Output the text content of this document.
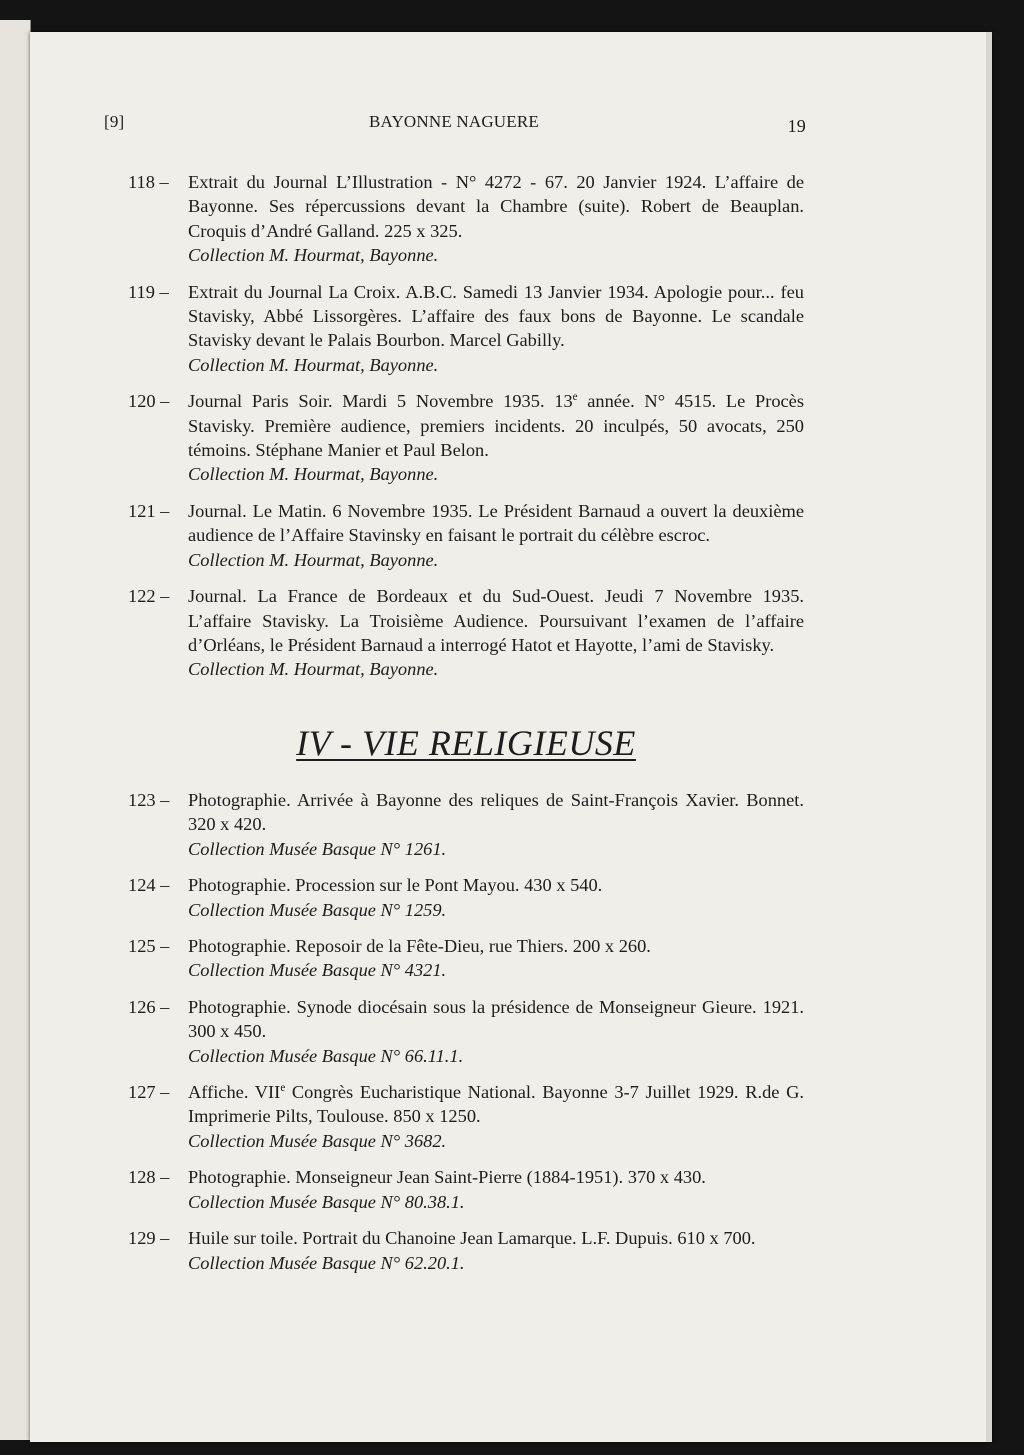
[9]	BAYONNE NAGUERE	19
118 –	Extrait du Journal L’Illustration - N° 4272 - 67. 20 Janvier 1924. L’affaire de Bayonne. Ses répercussions devant la Chambre (suite). Robert de Beauplan. Croquis d’André Galland. 225 x 325.
Collection M. Hourmat, Bayonne.
119 –	Extrait du Journal La Croix. A.B.C. Samedi 13 Janvier 1934. Apologie pour... feu Stavisky, Abbé Lissorgères. L’affaire des faux bons de Bayonne. Le scandale Stavisky devant le Palais Bourbon. Marcel Gabilly.
Collection M. Hourmat, Bayonne.
120 –	Journal Paris Soir. Mardi 5 Novembre 1935. 13e année. N° 4515. Le Procès Stavisky. Première audience, premiers incidents. 20 inculpés, 50 avocats, 250 témoins. Stéphane Manier et Paul Belon.
Collection M. Hourmat, Bayonne.
121 –	Journal. Le Matin. 6 Novembre 1935. Le Président Barnaud a ouvert la deuxième audience de l’Affaire Stavinsky en faisant le portrait du célèbre escroc.
Collection M. Hourmat, Bayonne.
122 –	Journal. La France de Bordeaux et du Sud-Ouest. Jeudi 7 Novembre 1935. L’affaire Stavisky. La Troisième Audience. Poursuivant l’examen de l’affaire d’Orléans, le Président Barnaud a interrogé Hatot et Hayotte, l’ami de Stavisky.
Collection M. Hourmat, Bayonne.
IV - VIE RELIGIEUSE
123 –	Photographie. Arrivée à Bayonne des reliques de Saint-François Xavier. Bonnet. 320 x 420.
Collection Musée Basque N° 1261.
124 –	Photographie. Procession sur le Pont Mayou. 430 x 540.
Collection Musée Basque N° 1259.
125 –	Photographie. Reposoir de la Fête-Dieu, rue Thiers. 200 x 260.
Collection Musée Basque N° 4321.
126 –	Photographie. Synode diocésain sous la présidence de Monseigneur Gieure. 1921. 300 x 450.
Collection Musée Basque N° 66.11.1.
127 –	Affiche. VIIe Congrès Eucharistique National. Bayonne 3-7 Juillet 1929. R.de G. Imprimerie Pilts, Toulouse. 850 x 1250.
Collection Musée Basque N° 3682.
128 –	Photographie. Monseigneur Jean Saint-Pierre (1884-1951). 370 x 430.
Collection Musée Basque N° 80.38.1.
129 –	Huile sur toile. Portrait du Chanoine Jean Lamarque. L.F. Dupuis. 610 x 700.
Collection Musée Basque N° 62.20.1.
